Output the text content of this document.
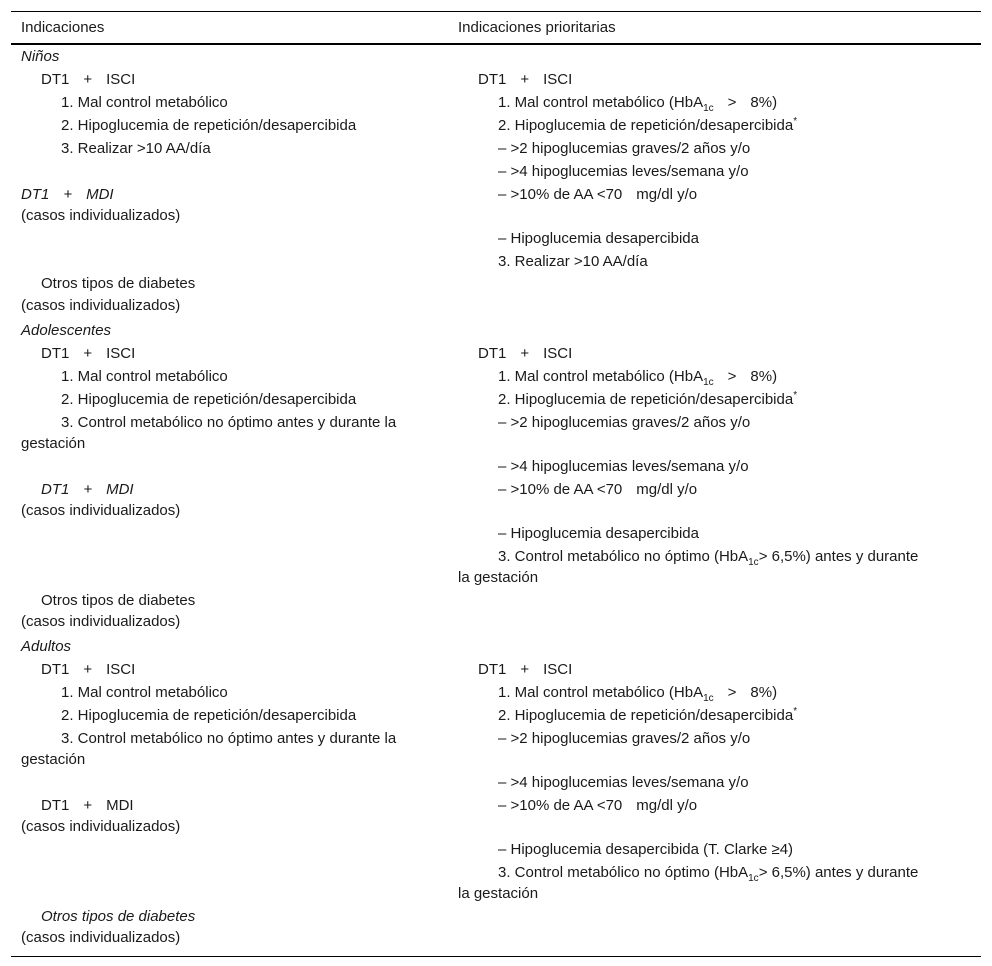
Indicaciones	Indicaciones prioritarias
Niños
DT1 + ISCI
1. Mal control metabólico
2. Hipoglucemia de repetición/desapercibida
3. Realizar >10 AA/día
DT1 + MDI
(casos individualizados)
Otros tipos de diabetes
(casos individualizados)
DT1 + ISCI
1. Mal control metabólico (HbA$_{1c}$ > 8%)
2. Hipoglucemia de repetición/desapercibida*
‒ >2 hipoglucemias graves/2 años y/o
‒ >4 hipoglucemias leves/semana y/o
‒ >10% de AA <70 mg/dl y/o
‒ Hipoglucemia desapercibida
3. Realizar >10 AA/día
Adolescentes
DT1 + ISCI
1. Mal control metabólico
2. Hipoglucemia de repetición/desapercibida
3. Control metabólico no óptimo antes y durante la
gestación
DT1 + MDI
(casos individualizados)
Otros tipos de diabetes
(casos individualizados)
DT1 + ISCI
1. Mal control metabólico (HbA$_{1c}$ > 8%)
2. Hipoglucemia de repetición/desapercibida*
‒ >2 hipoglucemias graves/2 años y/o
‒ >4 hipoglucemias leves/semana y/o
‒ >10% de AA <70 mg/dl y/o
‒ Hipoglucemia desapercibida
3. Control metabólico no óptimo (HbA$_{1c}$> 6,5%) antes y durante
la gestación
Adultos
DT1 + ISCI
1. Mal control metabólico
2. Hipoglucemia de repetición/desapercibida
3. Control metabólico no óptimo antes y durante la
gestación
DT1 + MDI
(casos individualizados)
Otros tipos de diabetes
(casos individualizados)
DT1 + ISCI
1. Mal control metabólico (HbA$_{1c}$ > 8%)
2. Hipoglucemia de repetición/desapercibida*
‒ >2 hipoglucemias graves/2 años y/o
‒ >4 hipoglucemias leves/semana y/o
‒ >10% de AA <70 mg/dl y/o
‒ Hipoglucemia desapercibida (T. Clarke ≥4)
3. Control metabólico no óptimo (HbA$_{1c}$> 6,5%) antes y durante
la gestación
